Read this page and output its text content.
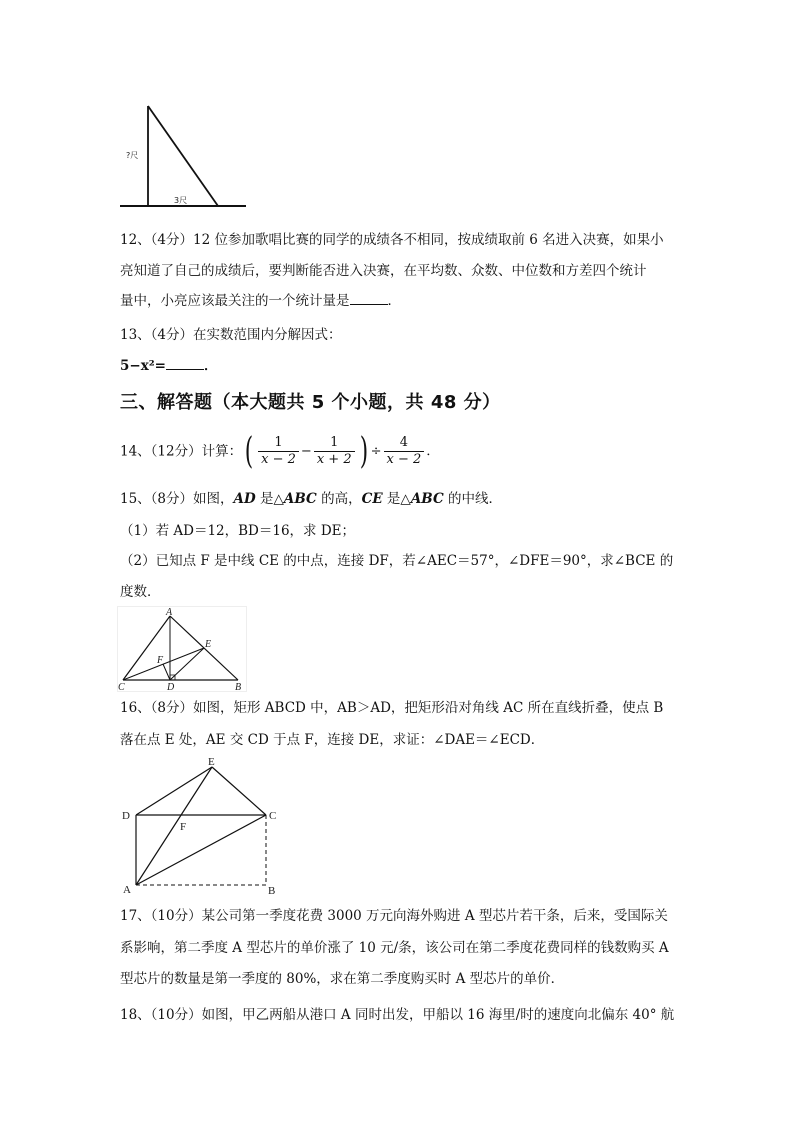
?尺
3尺
12、（4分）12 位参加歌唱比赛的同学的成绩各不相同，按成绩取前 6 名进入决赛，如果小
亮知道了自己的成绩后，要判断能否进入决赛，在平均数、众数、中位数和方差四个统计
量中，小亮应该最关注的一个统计量是	．
13、（4分）在实数范围内分解因式：
5−x²=	．
三、解答题（本大题共 5 个小题，共 48 分）
14、（12分）计算：( $\frac{1}{x - 2} - \frac{1}{x + 2}$ ) ÷ $\frac{4}{x - 2}$ ．
15、（8分）如图，AD 是△ABC 的高，CE 是△ABC 的中线．
（1）若 AD＝12，BD＝16，求 DE；
（2）已知点 F 是中线 CE 的中点，连接 DF，若∠AEC＝57°，∠DFE＝90°，求∠BCE 的
度数．
A
B
C	D
E
F
16、（8分）如图，矩形 ABCD 中，AB＞AD，把矩形沿对角线 AC 所在直线折叠，使点 B
落在点 E 处，AE 交 CD 于点 F，连接 DE，求证：∠DAE＝∠ECD．
E
D	C
F
A	B
17、（10分）某公司第一季度花费 3000 万元向海外购进 A 型芯片若干条，后来，受国际关
系影响，第二季度 A 型芯片的单价涨了 10 元/条，该公司在第二季度花费同样的钱数购买 A
型芯片的数量是第一季度的 80%，求在第二季度购买时 A 型芯片的单价．
18、（10分）如图，甲乙两船从港口 A 同时出发，甲船以 16 海里/时的速度向北偏东 40° 航
